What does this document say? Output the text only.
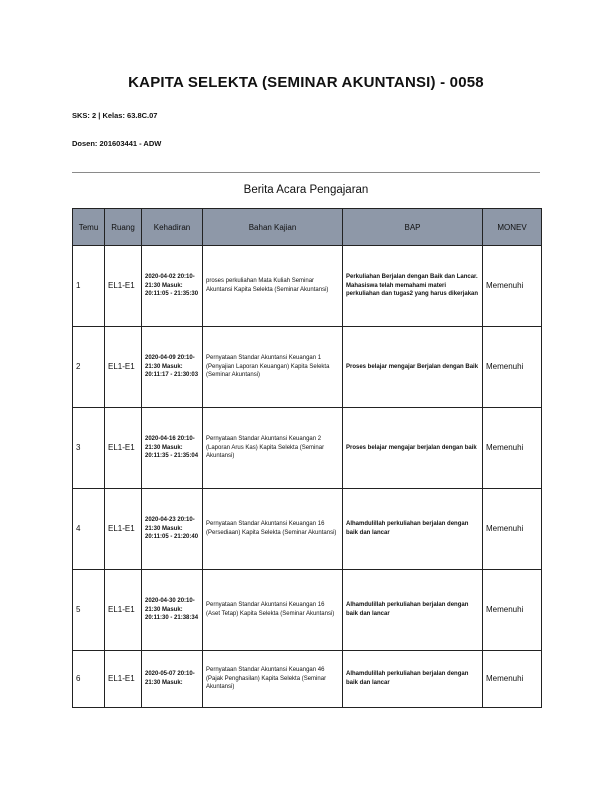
KAPITA SELEKTA (SEMINAR AKUNTANSI) - 0058
SKS: 2 | Kelas: 63.8C.07
Dosen: 201603441 - ADW
Berita Acara Pengajaran
Temu	Ruang	Kehadiran	Bahan Kajian	BAP	MONEV
1	EL1-E1	2020-04-02 20:10-21:30 Masuk: 20:11:05 - 21:35:30	proses perkuliahan Mata Kuliah Seminar Akuntansi Kapita Selekta (Seminar Akuntansi)	Perkuliahan Berjalan dengan Baik dan Lancar. Mahasiswa telah memahami materi perkuliahan dan tugas2 yang harus dikerjakan	Memenuhi
2	EL1-E1	2020-04-09 20:10-21:30 Masuk: 20:11:17 - 21:30:03	Pernyataan Standar Akuntansi Keuangan 1 (Penyajian Laporan Keuangan) Kapita Selekta (Seminar Akuntansi)	Proses belajar mengajar Berjalan dengan Baik	Memenuhi
3	EL1-E1	2020-04-16 20:10-21:30 Masuk: 20:11:35 - 21:35:04	Pernyataan Standar Akuntansi Keuangan 2 (Laporan Arus Kas) Kapita Selekta (Seminar Akuntansi)	Proses belajar mengajar berjalan dengan baik	Memenuhi
4	EL1-E1	2020-04-23 20:10-21:30 Masuk: 20:11:05 - 21:20:40	Pernyataan Standar Akuntansi Keuangan 16 (Persediaan) Kapita Selekta (Seminar Akuntansi)	Alhamdulillah perkuliahan berjalan dengan baik dan lancar	Memenuhi
5	EL1-E1	2020-04-30 20:10-21:30 Masuk: 20:11:30 - 21:38:34	Pernyataan Standar Akuntansi Keuangan 16 (Aset Tetap) Kapita Selekta (Seminar Akuntansi)	Alhamdulillah perkuliahan berjalan dengan baik dan lancar	Memenuhi
6	EL1-E1	2020-05-07 20:10-21:30 Masuk:	Pernyataan Standar Akuntansi Keuangan 46 (Pajak Penghasilan) Kapita Selekta (Seminar Akuntansi)	Alhamdulillah perkuliahan berjalan dengan baik dan lancar	Memenuhi
